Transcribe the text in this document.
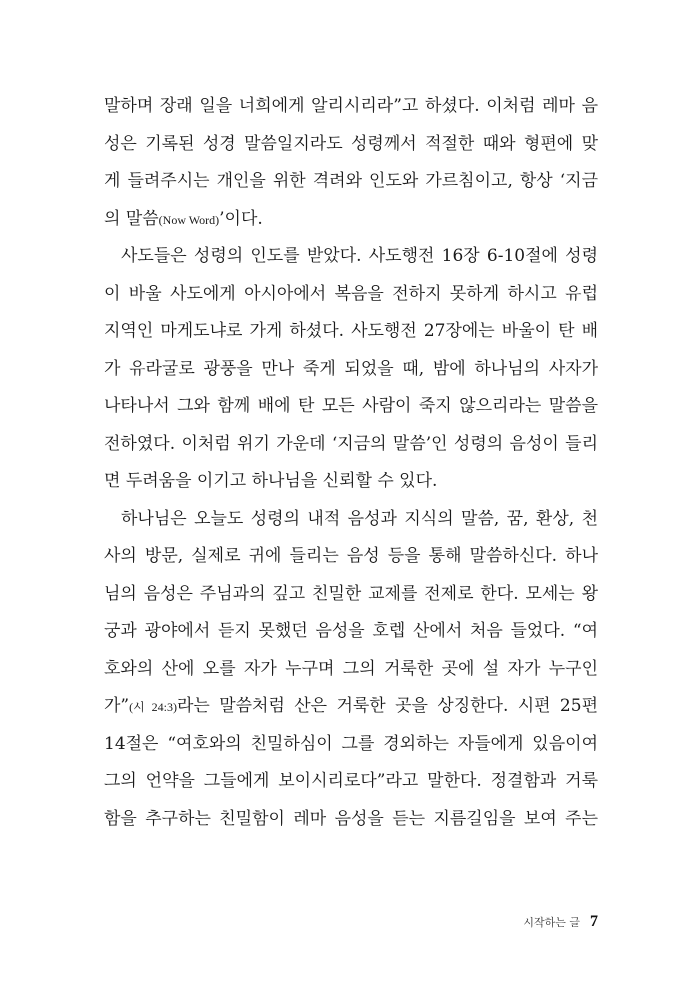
말하며 장래 일을 너희에게 알리시리라”고 하셨다. 이처럼 레마 음
성은 기록된 성경 말씀일지라도 성령께서 적절한 때와 형편에 맞
게 들려주시는 개인을 위한 격려와 인도와 가르침이고, 항상 ‘지금
의 말씀(Now Word)’이다.
사도들은 성령의 인도를 받았다. 사도행전 16장 6-10절에 성령
이 바울 사도에게 아시아에서 복음을 전하지 못하게 하시고 유럽
지역인 마게도냐로 가게 하셨다. 사도행전 27장에는 바울이 탄 배
가 유라굴로 광풍을 만나 죽게 되었을 때, 밤에 하나님의 사자가
나타나서 그와 함께 배에 탄 모든 사람이 죽지 않으리라는 말씀을
전하였다. 이처럼 위기 가운데 ‘지금의 말씀’인 성령의 음성이 들리
면 두려움을 이기고 하나님을 신뢰할 수 있다.
하나님은 오늘도 성령의 내적 음성과 지식의 말씀, 꿈, 환상, 천
사의 방문, 실제로 귀에 들리는 음성 등을 통해 말씀하신다. 하나
님의 음성은 주님과의 깊고 친밀한 교제를 전제로 한다. 모세는 왕
궁과 광야에서 듣지 못했던 음성을 호렙 산에서 처음 들었다. “여
호와의 산에 오를 자가 누구며 그의 거룩한 곳에 설 자가 누구인
가”(시 24:3)라는 말씀처럼 산은 거룩한 곳을 상징한다. 시편 25편
14절은 “여호와의 친밀하심이 그를 경외하는 자들에게 있음이여
그의 언약을 그들에게 보이시리로다”라고 말한다. 정결함과 거룩
함을 추구하는 친밀함이 레마 음성을 듣는 지름길임을 보여 주는
시작하는 글 7
